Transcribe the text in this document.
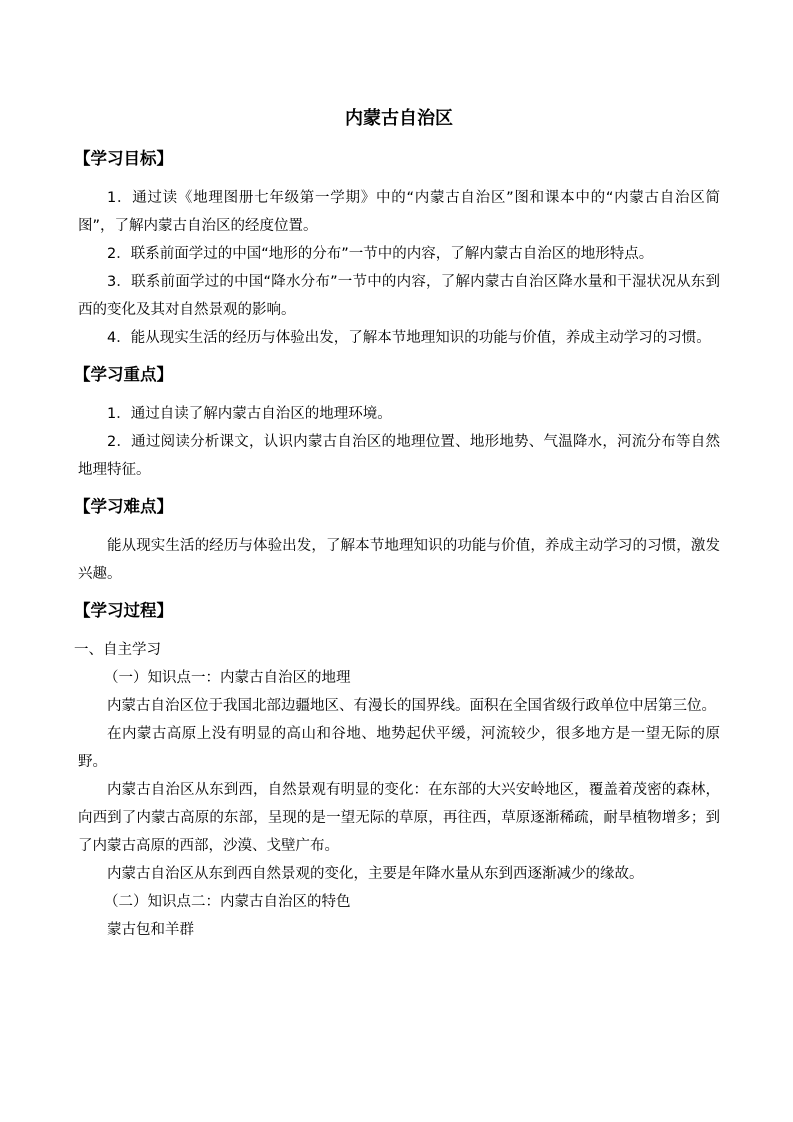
内蒙古自治区
【学习目标】

1．通过读《地理图册七年级第一学期》中的“内蒙古自治区”图和课本中的“内蒙古自治区简图”，了解内蒙古自治区的经度位置。

2．联系前面学过的中国“地形的分布”一节中的内容，了解内蒙古自治区的地形特点。

3．联系前面学过的中国“降水分布”一节中的内容，了解内蒙古自治区降水量和干湿状况从东到西的变化及其对自然景观的影响。

4．能从现实生活的经历与体验出发，了解本节地理知识的功能与价值，养成主动学习的习惯。

【学习重点】

1．通过自读了解内蒙古自治区的地理环境。

2．通过阅读分析课文，认识内蒙古自治区的地理位置、地形地势、气温降水，河流分布等自然地理特征。

【学习难点】

能从现实生活的经历与体验出发，了解本节地理知识的功能与价值，养成主动学习的习惯，激发兴趣。

【学习过程】

一、自主学习

（一）知识点一：内蒙古自治区的地理

内蒙古自治区位于我国北部边疆地区、有漫长的国界线。面积在全国省级行政单位中居第三位。

在内蒙古高原上没有明显的高山和谷地、地势起伏平缓，河流较少，很多地方是一望无际的原野。

内蒙古自治区从东到西，自然景观有明显的变化：在东部的大兴安岭地区，覆盖着茂密的森林，向西到了内蒙古高原的东部，呈现的是一望无际的草原，再往西，草原逐渐稀疏，耐旱植物增多；到了内蒙古高原的西部，沙漠、戈壁广布。

内蒙古自治区从东到西自然景观的变化，主要是年降水量从东到西逐渐减少的缘故。

（二）知识点二：内蒙古自治区的特色

蒙古包和羊群
